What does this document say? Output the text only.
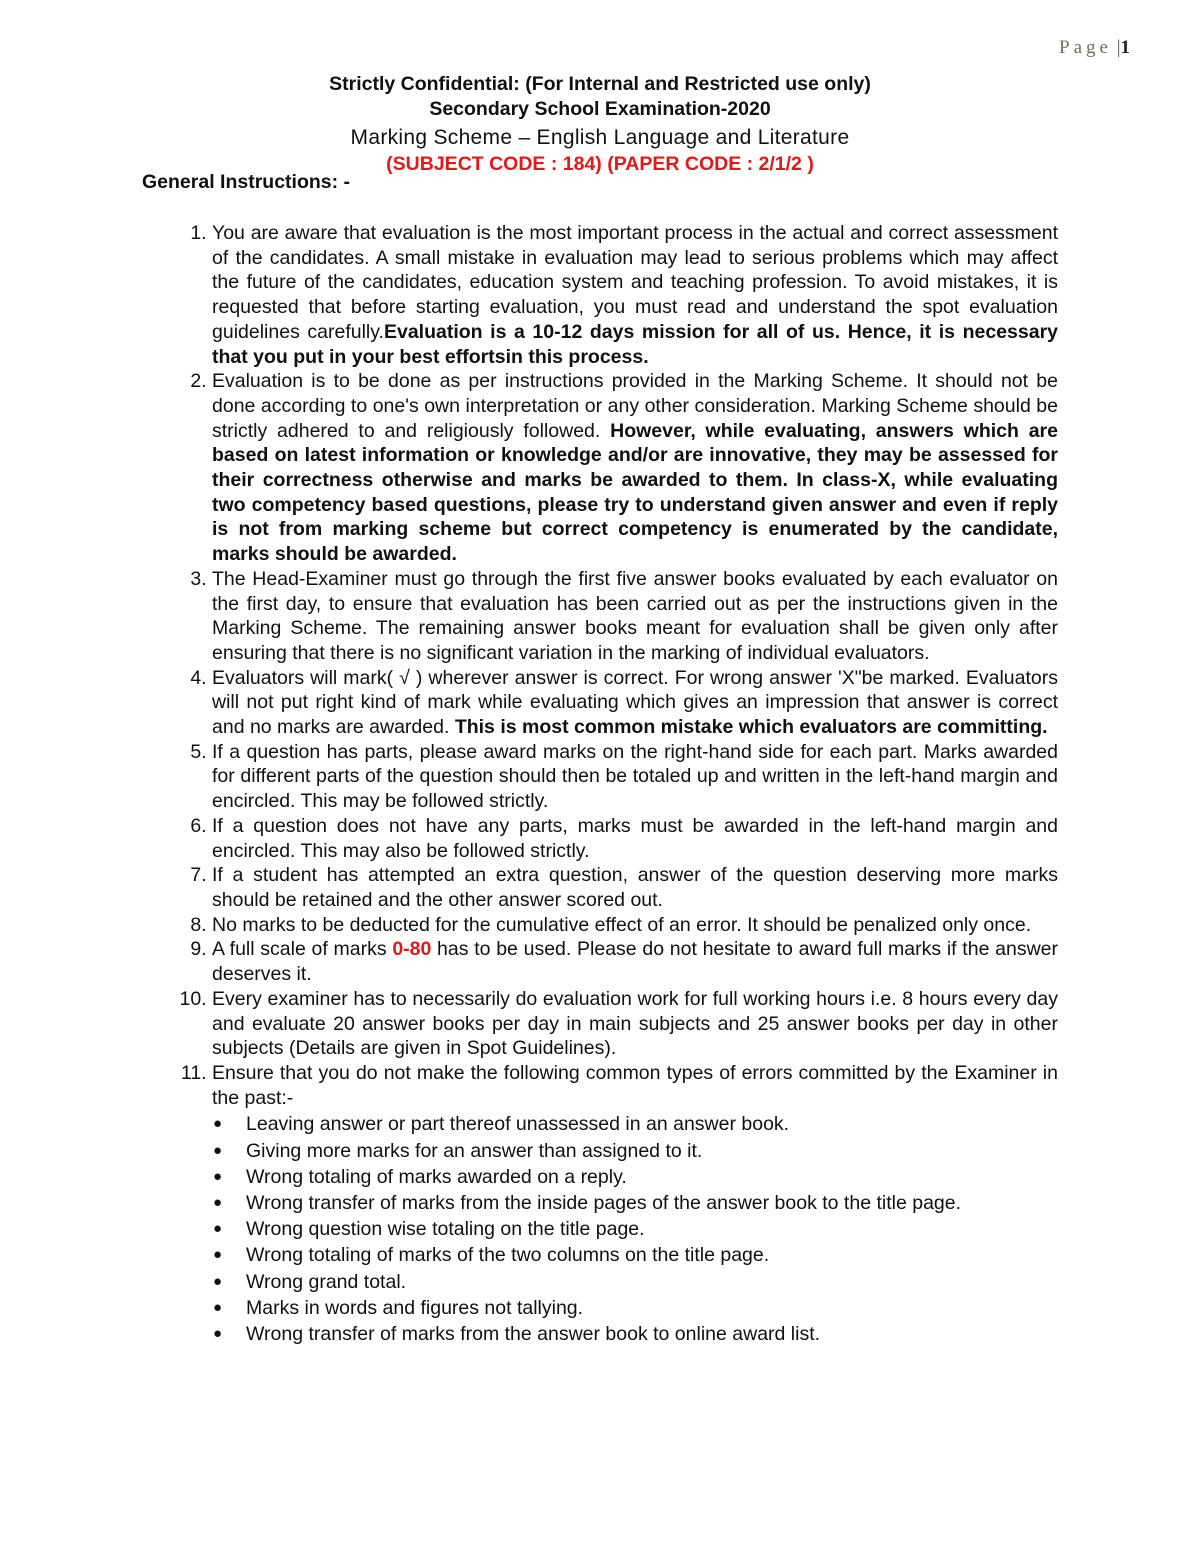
Page |1
Strictly Confidential: (For Internal and Restricted use only)
Secondary School Examination-2020
Marking Scheme – English Language and Literature
(SUBJECT CODE : 184) (PAPER CODE : 2/1/2 )
General Instructions: -
1. You are aware that evaluation is the most important process in the actual and correct assessment of the candidates. A small mistake in evaluation may lead to serious problems which may affect the future of the candidates, education system and teaching profession. To avoid mistakes, it is requested that before starting evaluation, you must read and understand the spot evaluation guidelines carefully.Evaluation is a 10-12 days mission for all of us. Hence, it is necessary that you put in your best effortsin this process.
2. Evaluation is to be done as per instructions provided in the Marking Scheme. It should not be done according to one's own interpretation or any other consideration. Marking Scheme should be strictly adhered to and religiously followed. However, while evaluating, answers which are based on latest information or knowledge and/or are innovative, they may be assessed for their correctness otherwise and marks be awarded to them. In class-X, while evaluating two competency based questions, please try to understand given answer and even if reply is not from marking scheme but correct competency is enumerated by the candidate, marks should be awarded.
3. The Head-Examiner must go through the first five answer books evaluated by each evaluator on the first day, to ensure that evaluation has been carried out as per the instructions given in the Marking Scheme. The remaining answer books meant for evaluation shall be given only after ensuring that there is no significant variation in the marking of individual evaluators.
4. Evaluators will mark( √ ) wherever answer is correct. For wrong answer 'X"be marked. Evaluators will not put right kind of mark while evaluating which gives an impression that answer is correct and no marks are awarded. This is most common mistake which evaluators are committing.
5. If a question has parts, please award marks on the right-hand side for each part. Marks awarded for different parts of the question should then be totaled up and written in the left-hand margin and encircled. This may be followed strictly.
6. If a question does not have any parts, marks must be awarded in the left-hand margin and encircled. This may also be followed strictly.
7. If a student has attempted an extra question, answer of the question deserving more marks should be retained and the other answer scored out.
8. No marks to be deducted for the cumulative effect of an error. It should be penalized only once.
9. A full scale of marks 0-80 has to be used. Please do not hesitate to award full marks if the answer deserves it.
10. Every examiner has to necessarily do evaluation work for full working hours i.e. 8 hours every day and evaluate 20 answer books per day in main subjects and 25 answer books per day in other subjects (Details are given in Spot Guidelines).
11. Ensure that you do not make the following common types of errors committed by the Examiner in the past:-
● Leaving answer or part thereof unassessed in an answer book.
● Giving more marks for an answer than assigned to it.
● Wrong totaling of marks awarded on a reply.
● Wrong transfer of marks from the inside pages of the answer book to the title page.
● Wrong question wise totaling on the title page.
● Wrong totaling of marks of the two columns on the title page.
● Wrong grand total.
● Marks in words and figures not tallying.
● Wrong transfer of marks from the answer book to online award list.
